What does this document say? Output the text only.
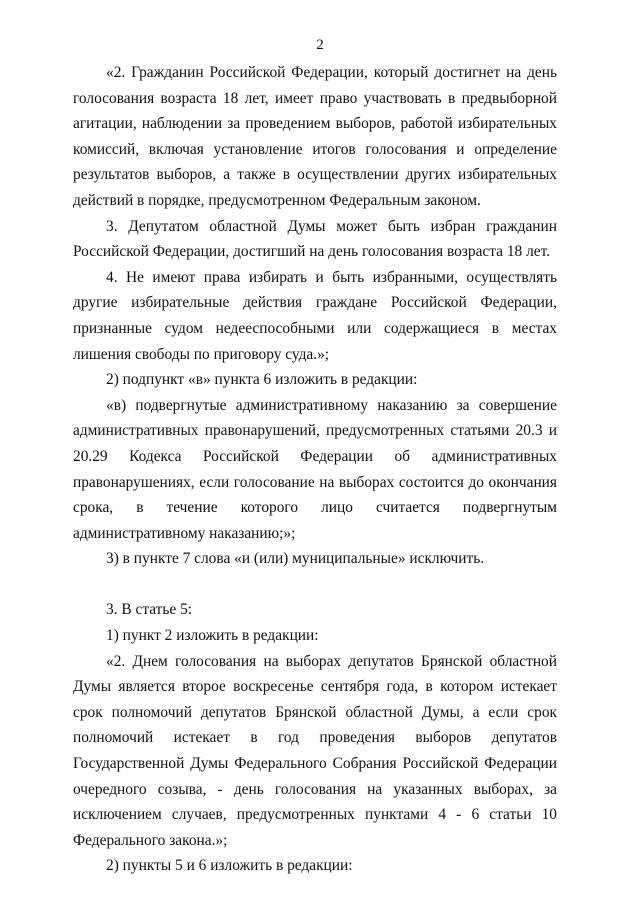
2

«2. Гражданин Российской Федерации, который достигнет на день голосования возраста 18 лет, имеет право участвовать в предвыборной агитации, наблюдении за проведением выборов, работой избирательных комиссий, включая установление итогов голосования и определение результатов выборов, а также в осуществлении других избирательных действий в порядке, предусмотренном Федеральным законом.

3. Депутатом областной Думы может быть избран гражданин Российской Федерации, достигший на день голосования возраста 18 лет.

4. Не имеют права избирать и быть избранными, осуществлять другие избирательные действия граждане Российской Федерации, признанные судом недееспособными или содержащиеся в местах лишения свободы по приговору суда.»;

2) подпункт «в» пункта 6 изложить в редакции:

«в) подвергнутые административному наказанию за совершение административных правонарушений, предусмотренных статьями 20.3 и 20.29 Кодекса Российской Федерации об административных правонарушениях, если голосование на выборах состоится до окончания срока, в течение которого лицо считается подвергнутым административному наказанию;»;

3) в пункте 7 слова «и (или) муниципальные» исключить.

3. В статье 5:

1) пункт 2 изложить в редакции:

«2. Днем голосования на выборах депутатов Брянской областной Думы является второе воскресенье сентября года, в котором истекает срок полномочий депутатов Брянской областной Думы, а если срок полномочий истекает в год проведения выборов депутатов Государственной Думы Федерального Собрания Российской Федерации очередного созыва, - день голосования на указанных выборах, за исключением случаев, предусмотренных пунктами 4 - 6 статьи 10 Федерального закона.»;

2) пункты 5 и 6 изложить в редакции:
